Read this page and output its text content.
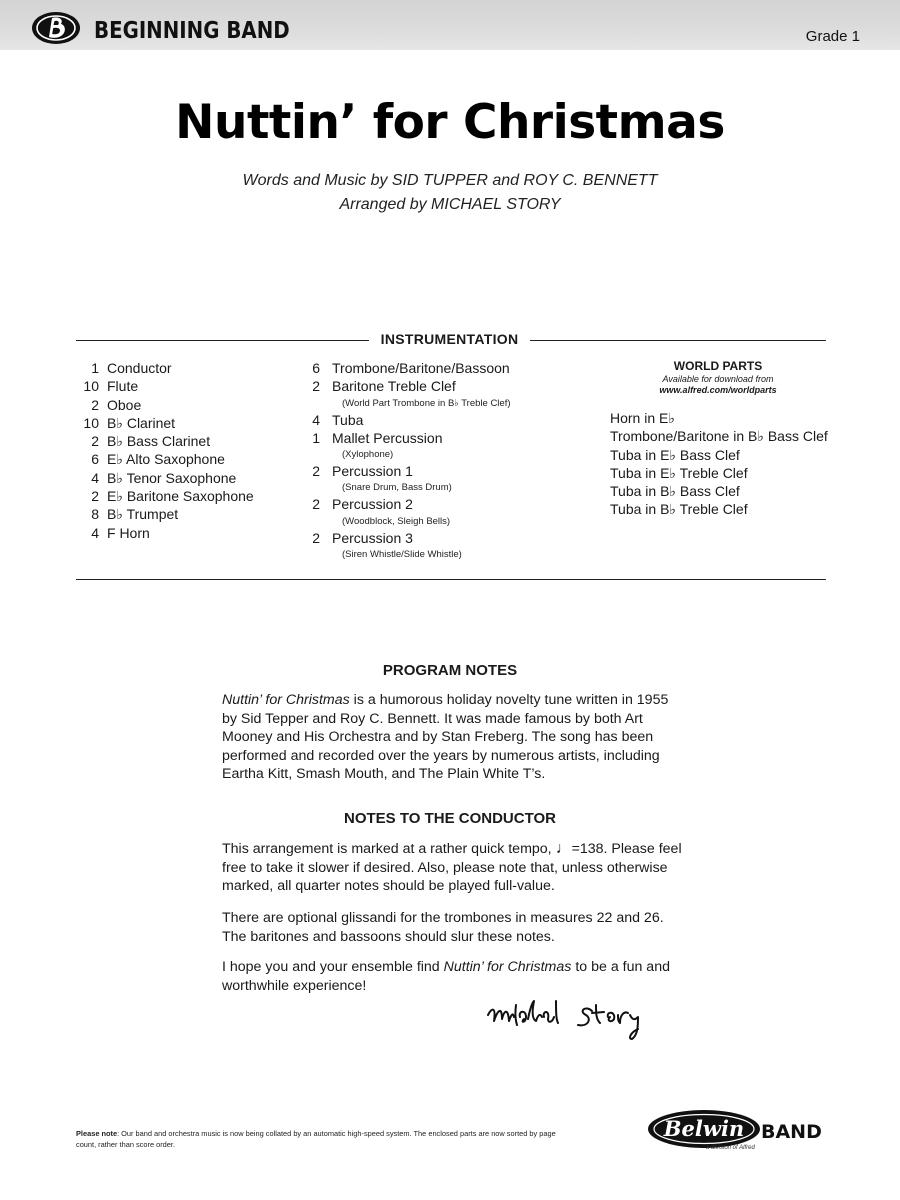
BEGINNING BAND	Grade 1
Nuttin’ for Christmas
Words and Music by SID TUPPER and ROY C. BENNETT
Arranged by MICHAEL STORY
INSTRUMENTATION
1 Conductor
10 Flute
2 Oboe
10 B♭ Clarinet
2 B♭ Bass Clarinet
6 E♭ Alto Saxophone
4 B♭ Tenor Saxophone
2 E♭ Baritone Saxophone
8 B♭ Trumpet
4 F Horn
6 Trombone/Baritone/Bassoon
2 Baritone Treble Clef
(World Part Trombone in B♭ Treble Clef)
4 Tuba
1 Mallet Percussion
(Xylophone)
2 Percussion 1
(Snare Drum, Bass Drum)
2 Percussion 2
(Woodblock, Sleigh Bells)
2 Percussion 3
(Siren Whistle/Slide Whistle)
WORLD PARTS
Available for download from
www.alfred.com/worldparts
Horn in E♭
Trombone/Baritone in B♭ Bass Clef
Tuba in E♭ Bass Clef
Tuba in E♭ Treble Clef
Tuba in B♭ Bass Clef
Tuba in B♭ Treble Clef
PROGRAM NOTES

Nuttin’ for Christmas is a humorous holiday novelty tune written in 1955 by Sid Tepper and Roy C. Bennett. It was made famous by both Art Mooney and His Orchestra and by Stan Freberg. The song has been performed and recorded over the years by numerous artists, including Eartha Kitt, Smash Mouth, and The Plain White T’s.

NOTES TO THE CONDUCTOR

This arrangement is marked at a rather quick tempo, ♩=138. Please feel free to take it slower if desired. Also, please note that, unless otherwise marked, all quarter notes should be played full-value.

There are optional glissandi for the trombones in measures 22 and 26. The baritones and bassoons should slur these notes.

I hope you and your ensemble find Nuttin’ for Christmas to be a fun and worthwhile experience!

Please note: Our band and orchestra music is now being collated by an automatic high-speed system. The enclosed parts are now sorted by page count, rather than score order.
Belwin BAND
a division of Alfred
